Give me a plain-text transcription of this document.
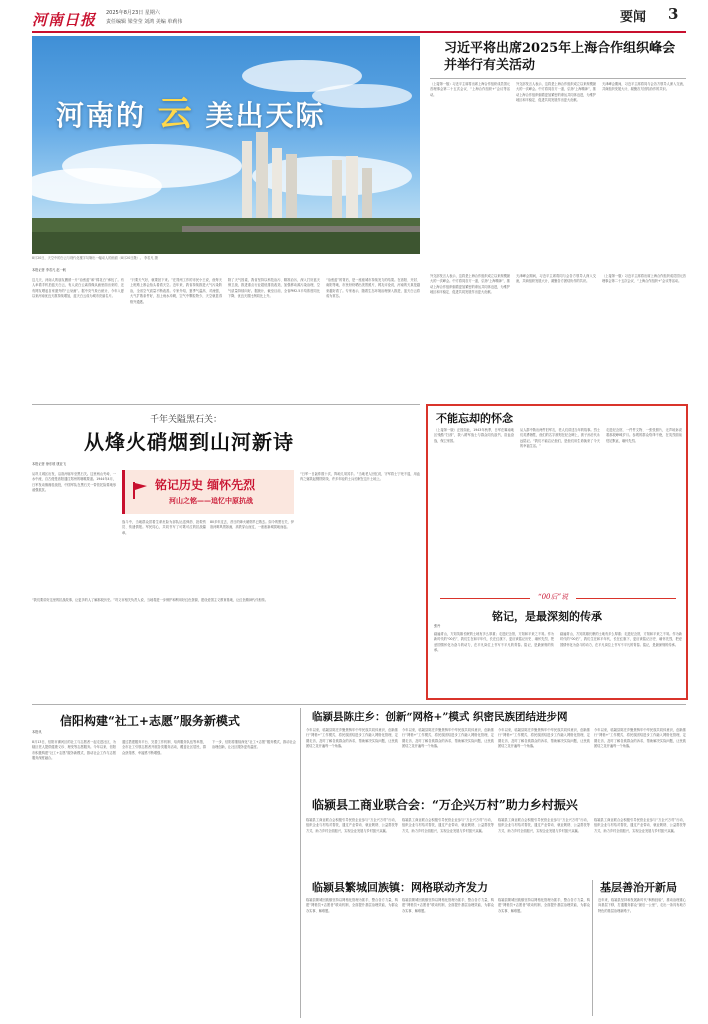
河南日报 2025年8月23日 星期六
责任编辑 梁莹莹 刘鸿 美编 单莉伟	要闻 3
河南的 云 美出天际
8月20日，天空中的白云与现代化楼宇勾勒出一幅动人的画面（8月20日摄）。 李若凡 摄
本报记者 李若凡 赵一帆
这几天，河南人的朋友圈被一片“治愈蓝”和“棉花白”承包了。有人举着手机拍蓝天白云，有人说白云离得像从画里面出来的，还有网友晒起自家窗外的“云朵画”。据中央气象台统计，今年入夏以来河南优良天数持续增加，蓝天白云成为城市亮丽名片。
“只要天气好，就要拍下来。”在郑州工作的市民小王说，他每天上班路上都会抬头看看天空。近年来，我省持续推进大气污染防治，全省空气质量不断改善。专家介绍，夏季气温高、对流强，大气扩散条件好，加上雨水冲刷，空气中颗粒物少，天空就显得格外通透。
除了天气因素，我省坚持以科技治污、精准治污，深入打好蓝天保卫战，推进重点行业超低排放改造，加强移动源污染治理，空气质量持续向好。据统计，截至目前，全省PM2.5平均浓度同比下降，优良天数比例同比上升。
“治愈蓝”的背后，是一座座城市持续发力的结果。在洛阳、开封、南阳等地，市民纷纷晒出美景照片，网友评论说，河南的天真是越来越好看了。专家表示，随着生态环境治理深入推进，蓝天白云将成为常态。
习近平将出席2025年上海合作组织峰会并举行有关活动
（上接第一版）习近平主席将出席上海合作组织成员国元首理事会第二十五次会议、“上海合作组织+”会议等活动。
外交部发言人表示，这将是上海合作组织成立以来规模最大的一次峰会。中方将同各方一道，弘扬“上海精神”，推动上海合作组织朝着更加紧密的命运共同体迈进，为维护地区和平稳定、促进共同发展作出更大贡献。
天津峰会期间，习近平主席将同与会各方领导人深入交流，共商组织发展大计，凝聚各方团结协作的共识。
外交部发言人表示，这将是上海合作组织成立以来规模最大的一次峰会。中方将同各方一道，弘扬“上海精神”，推动上海合作组织朝着更加紧密的命运共同体迈进，为维护地区和平稳定、促进共同发展作出更大贡献。
天津峰会期间，习近平主席将同与会各方领导人深入交流，共商组织发展大计，凝聚各方团结协作的共识。
（上接第一版）习近平主席将出席上海合作组织成员国元首理事会第二十五次会议、“上海合作组织+”会议等活动。
不能忘却的怀念
（上接第一版）正因如此，1943年秋季，日军在冀南地区残酷“扫荡”，我八路军战士与群众同仇敌忾，浴血奋战，保卫家园。
从人群中散出两件旧军衣，老人们讲述当年的故事。烈士们英勇牺牲，他们的名字被刻在纪念碑上，被子孙后代永远铭记。“我们不能忘记他们，是他们用生命换来了今天的幸福生活。”
走进纪念馆，一件件文物、一张张照片，无声地诉说着那段峥嵘岁月。参观的群众络绎不绝，在英烈面前驻足默哀，缅怀先烈。
“00后”说
铭记，是最深刻的传承
张丹
踏遍青山，方知英雄长眠的土地有多么厚重；走进纪念馆，方知和平来之不易。作为新时代的“00后”，我们生在和平年代，长在红旗下，更应该铭记历史、缅怀先烈，把爱国情怀化为奋斗的动力，在平凡岗位上书写不平凡的青春。铭记，是最深刻的传承。
踏遍青山，方知英雄长眠的土地有多么厚重；走进纪念馆，方知和平来之不易。作为新时代的“00后”，我们生在和平年代，长在红旗下，更应该铭记历史、缅怀先烈，把爱国情怀化为奋斗的动力，在平凡岗位上书写不平凡的青春。铭记，是最深刻的传承。
千年关隘黑石关：
从烽火硝烟到山河新诗
本报记者 徐东坡 康亚飞
从巩义城区出发，沿洛河驱车至黑石关。这里两山夹峙，一水中流，自古便是洛阳通往郑州的咽喉要道。1944年4月，日军发动豫湘桂战役，中国军队在黑石关一带依托险要地形顽强抵抗。	铭记历史 缅怀先烈
河山之铭——追忆中原抗战
“日军一日轰炸数十次，阵地几易其手。”当地老人回忆说，守军将士宁死不退，用血肉之躯筑起钢铁防线，许多年轻的士兵长眠在这片土地上。
战斗中，当地群众冒着生命危险为部队运送弹药、抢救伤员、传递情报。军民同心，共同书写了可歌可泣的抗战篇章。
80多年过去，昔日的烽火硝烟早已散去。如今的黑石关，伊洛河畔风景如画，高铁穿山而过，一座座新城拔地而起。
“我们要讲好这里的抗战故事，让更多的人了解那段历史。”巩义市相关负责人说，当地将进一步保护和利用好红色资源，建设爱国主义教育基地，让红色精神代代相传。
信阳构建“社工+志愿”服务新模式
本报讯
8月13日，信阳市浉河区的社工与志愿者一起走进社区，为辖区老人提供健康义诊、理发等志愿服务。今年以来，信阳市积极构建“社工+志愿”服务新模式，推动社会工作与志愿服务深度融合。
通过搭建服务平台、完善工作机制、培育服务队伍等举措，全市社工引领志愿者开展各类服务活动，覆盖社区居民，群众获得感、幸福感不断增强。
下一步，信阳将继续深化“社工+志愿”服务模式，推动社会治理创新，让社区服务更有温度。
临颍县陈庄乡：创新“网格+”模式 织密民族团结进步网
今年以来，临颍县陈庄乡聚焦铸牢中华民族共同体意识，创新推行“网格+”工作模式，将民族团结进步工作融入网格化管理，定期走访，及时了解各族群众的诉求，帮助解决实际问题，让民族团结之花开遍每一个角落。
今年以来，临颍县陈庄乡聚焦铸牢中华民族共同体意识，创新推行“网格+”工作模式，将民族团结进步工作融入网格化管理，定期走访，及时了解各族群众的诉求，帮助解决实际问题，让民族团结之花开遍每一个角落。
今年以来，临颍县陈庄乡聚焦铸牢中华民族共同体意识，创新推行“网格+”工作模式，将民族团结进步工作融入网格化管理，定期走访，及时了解各族群众的诉求，帮助解决实际问题，让民族团结之花开遍每一个角落。
今年以来，临颍县陈庄乡聚焦铸牢中华民族共同体意识，创新推行“网格+”工作模式，将民族团结进步工作融入网格化管理，定期走访，及时了解各族群众的诉求，帮助解决实际问题，让民族团结之花开遍每一个角落。
临颍县工商业联合会：“万企兴万村”助力乡村振兴
临颍县工商业联合会积极引导民营企业参与“万企兴万村”行动，组织企业与村结对帮扶，通过产业带动、就业吸纳、公益帮扶等方式，助力乡村全面振兴，实现企业发展与乡村振兴双赢。
临颍县工商业联合会积极引导民营企业参与“万企兴万村”行动，组织企业与村结对帮扶，通过产业带动、就业吸纳、公益帮扶等方式，助力乡村全面振兴，实现企业发展与乡村振兴双赢。
临颍县工商业联合会积极引导民营企业参与“万企兴万村”行动，组织企业与村结对帮扶，通过产业带动、就业吸纳、公益帮扶等方式，助力乡村全面振兴，实现企业发展与乡村振兴双赢。
临颍县工商业联合会积极引导民营企业参与“万企兴万村”行动，组织企业与村结对帮扶，通过产业带动、就业吸纳、公益帮扶等方式，助力乡村全面振兴，实现企业发展与乡村振兴双赢。
临颍县繁城回族镇：网格联动齐发力
临颍县繁城回族镇坚持以网格化管理为抓手，整合各方力量，构建“网格员+志愿者”联动机制，全面提升基层治理效能，为群众办实事、解难题。
临颍县繁城回族镇坚持以网格化管理为抓手，整合各方力量，构建“网格员+志愿者”联动机制，全面提升基层治理效能，为群众办实事、解难题。
临颍县繁城回族镇坚持以网格化管理为抓手，整合各方力量，构建“网格员+志愿者”联动机制，全面提升基层治理效能，为群众办实事、解难题。
基层善治开新局
近年来，临颍县坚持和发展新时代“枫桥经验”，推动治理重心向基层下移，打通服务群众“最后一公里”，走出一条具有地方特色的基层治理新路子。
